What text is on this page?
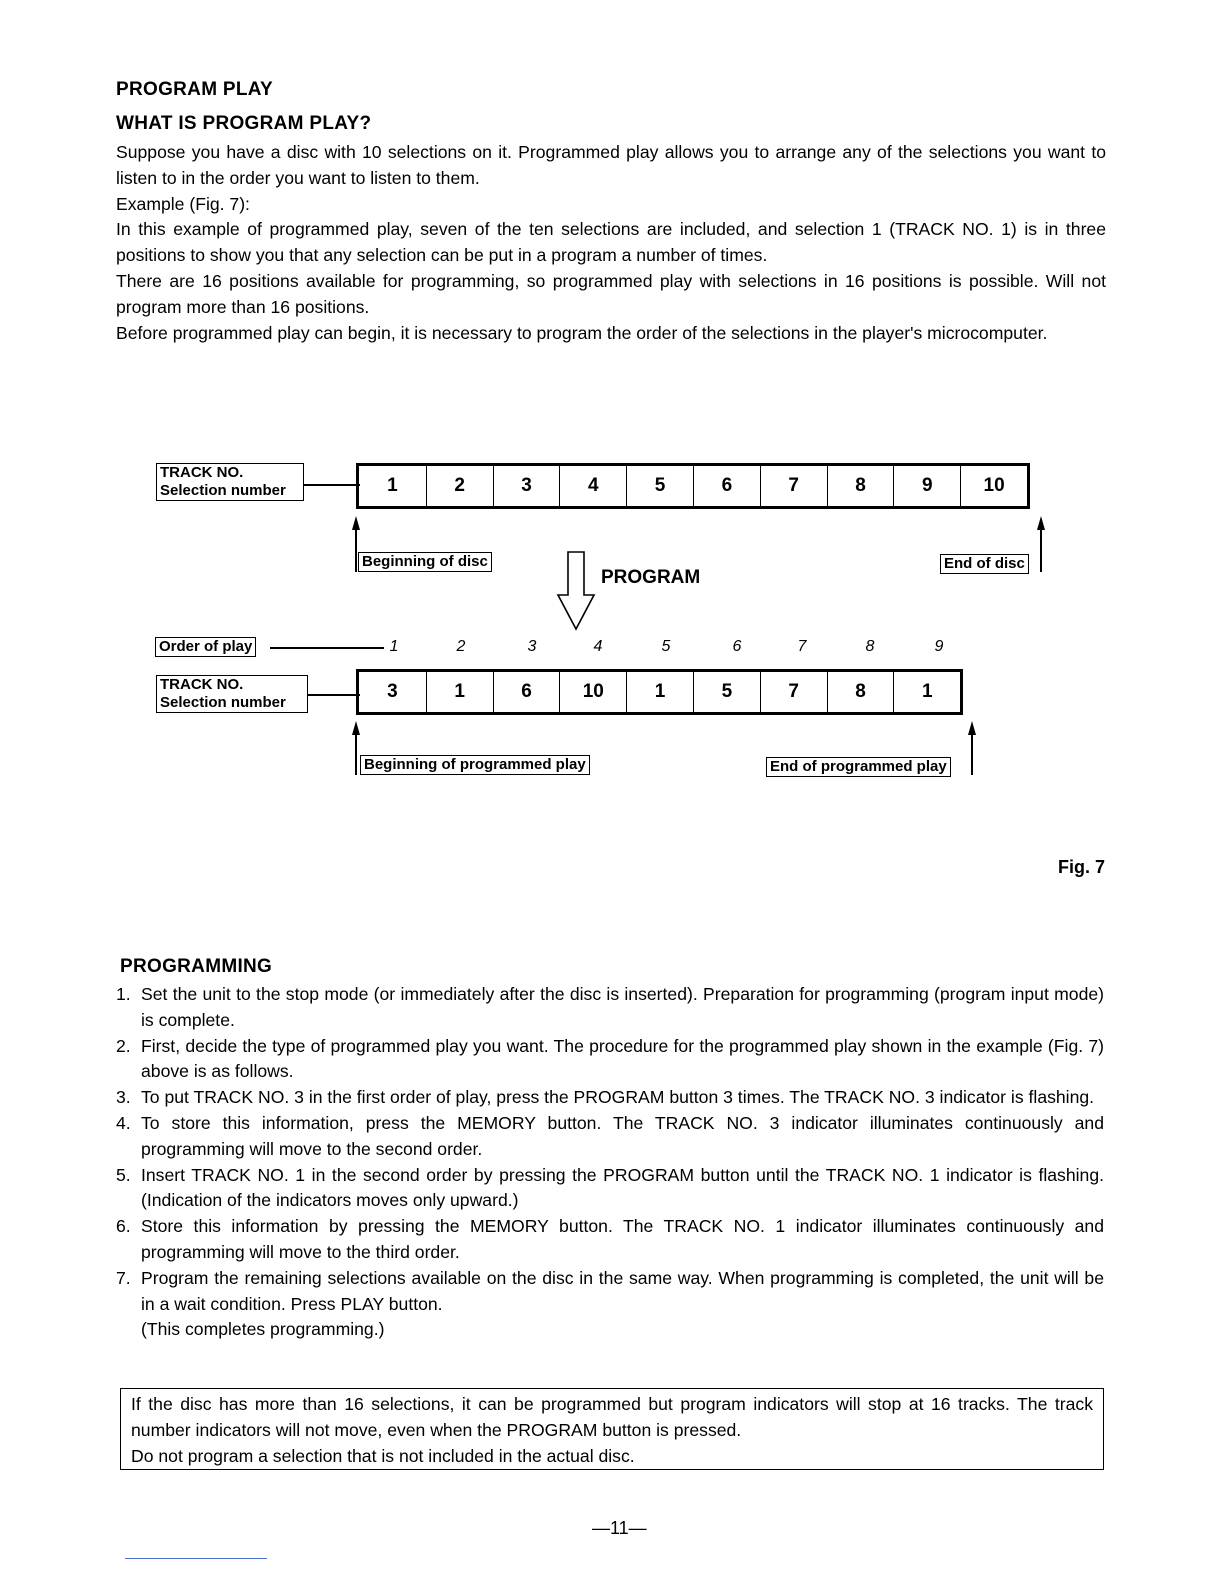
PROGRAM PLAY
WHAT IS PROGRAM PLAY?
Suppose you have a disc with 10 selections on it. Programmed play allows you to arrange any of the selections you want to listen to in the order you want to listen to them.
Example (Fig. 7):
In this example of programmed play, seven of the ten selections are included, and selection 1 (TRACK NO. 1) is in three positions to show you that any selection can be put in a program a number of times.
There are 16 positions available for programming, so programmed play with selections in 16 positions is possible. Will not program more than 16 positions.
Before programmed play can begin, it is necessary to program the order of the selections in the player's microcomputer.
TRACK NO.
Selection number	1	2	3	4	5	6	7	8	9	10
Beginning of disc	End of disc
PROGRAM
Order of play	1	2	3	4	5	6	7	8	9
TRACK NO.
Selection number
3	1	6	10	1	5	7	8	1
Beginning of programmed play	End of programmed play
Fig. 7
PROGRAMMING
1. Set the unit to the stop mode (or immediately after the disc is inserted). Preparation for programming (program input mode) is complete.
2. First, decide the type of programmed play you want. The procedure for the programmed play shown in the example (Fig. 7) above is as follows.
3. To put TRACK NO. 3 in the first order of play, press the PROGRAM button 3 times. The TRACK NO. 3 indicator is flashing.
4. To store this information, press the MEMORY button. The TRACK NO. 3 indicator illuminates continuously and programming will move to the second order.
5. Insert TRACK NO. 1 in the second order by pressing the PROGRAM button until the TRACK NO. 1 indicator is flashing. (Indication of the indicators moves only upward.)
6. Store this information by pressing the MEMORY button. The TRACK NO. 1 indicator illuminates continuously and programming will move to the third order.
7. Program the remaining selections available on the disc in the same way. When programming is completed, the unit will be in a wait condition. Press PLAY button.
(This completes programming.)
If the disc has more than 16 selections, it can be programmed but program indicators will stop at 16 tracks. The track number indicators will not move, even when the PROGRAM button is pressed.
Do not program a selection that is not included in the actual disc.
—11—
